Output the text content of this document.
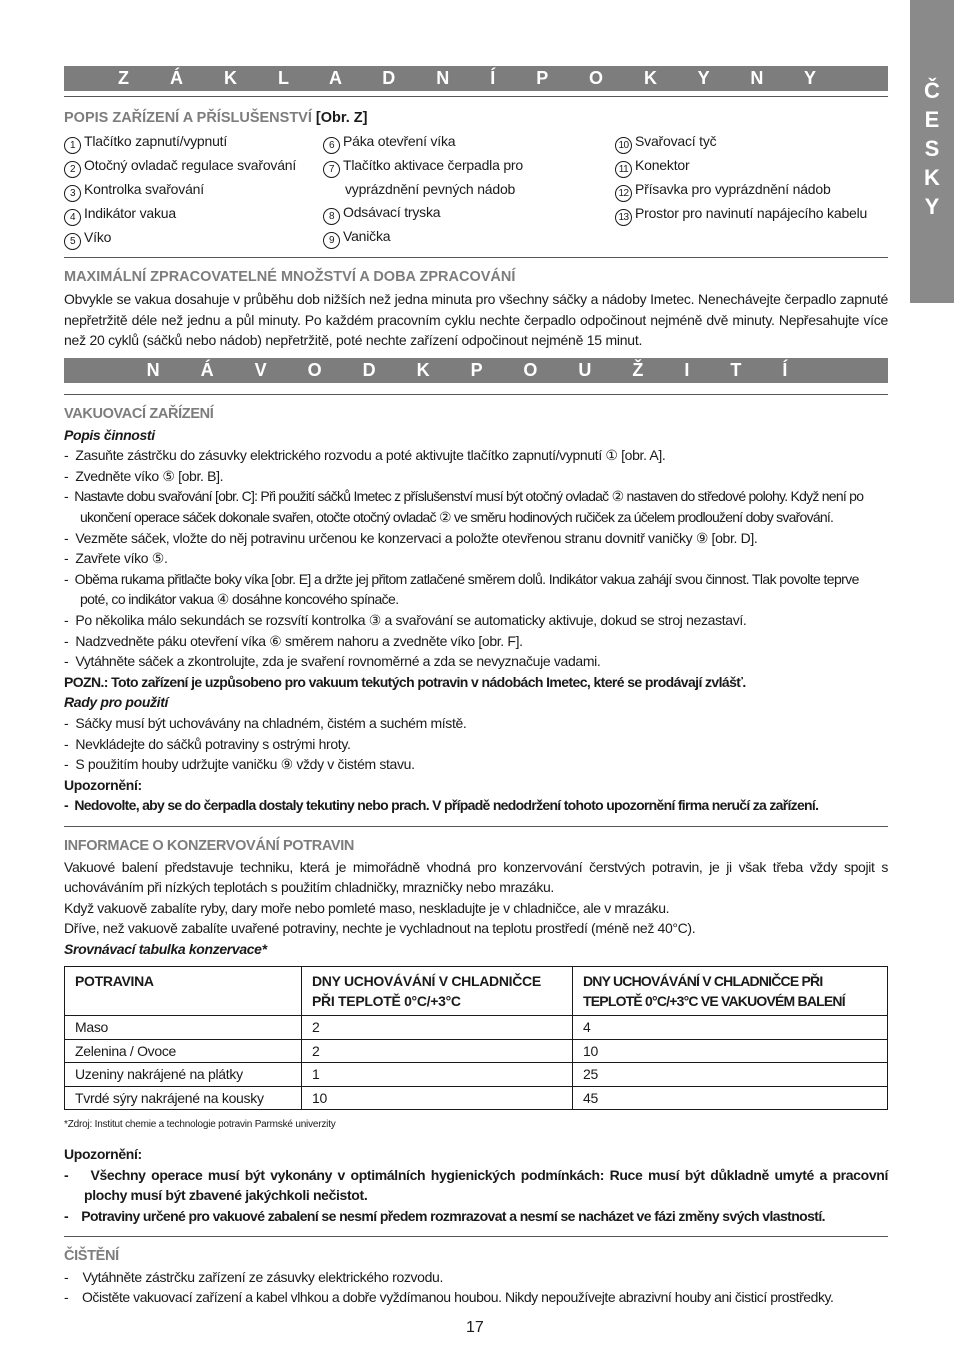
Č
E
S
K
Y
Z Á K L A D N Í P O K Y N Y
POPIS ZAŘÍZENÍ A PŘÍSLUŠENSTVÍ [Obr. Z]
1 Tlačítko zapnutí/vypnutí
2 Otočný ovladač regulace svařování
3 Kontrolka svařování
4 Indikátor vakua
5 Víko
6 Páka otevření víka
7 Tlačítko aktivace čerpadla pro
vyprázdnění pevných nádob
8 Odsávací tryska
9 Vanička
10 Svařovací tyč
11 Konektor
12 Přísavka pro vyprázdnění nádob
13 Prostor pro navinutí napájecího kabelu
MAXIMÁLNÍ ZPRACOVATELNÉ MNOŽSTVÍ A DOBA ZPRACOVÁNÍ
Obvykle se vakua dosahuje v průběhu dob nižších než jedna minuta pro všechny sáčky a nádoby Imetec. Nenechávejte čerpadlo zapnuté nepřetržitě déle než jednu a půl minuty. Po každém pracovním cyklu nechte čerpadlo odpočinout nejméně dvě minuty. Nepřesahujte více než 20 cyklů (sáčků nebo nádob) nepřetržitě, poté nechte zařízení odpočinout nejméně 15 minut.
N Á V O D K P O U Ž I T Í
VAKUOVACÍ ZAŘÍZENÍ
Popis činnosti
-  Zasuňte zástrčku do zásuvky elektrického rozvodu a poté aktivujte tlačítko zapnutí/vypnutí ① [obr. A].
-  Zvedněte víko ⑤ [obr. B].
-  Nastavte dobu svařování [obr. C]: Při použití sáčků Imetec z příslušenství musí být otočný ovladač ② nastaven do středové polohy. Když není po ukončení operace sáček dokonale svařen, otočte otočný ovladač ② ve směru hodinových ručiček za účelem prodloužení doby svařování.
-  Vezměte sáček, vložte do něj potravinu určenou ke konzervaci a položte otevřenou stranu dovnitř vaničky ⑨ [obr. D].
-  Zavřete víko ⑤.
-  Oběma rukama přitlačte boky víka [obr. E] a držte jej přitom zatlačené směrem dolů. Indikátor vakua zahájí svou činnost. Tlak povolte teprve poté, co indikátor vakua ④ dosáhne koncového spínače.
-  Po několika málo sekundách se rozsvítí kontrolka ③ a svařování se automaticky aktivuje, dokud se stroj nezastaví.
-  Nadzvedněte páku otevření víka ⑥ směrem nahoru a zvedněte víko [obr. F].
-  Vytáhněte sáček a zkontrolujte, zda je svaření rovnoměrné a zda se nevyznačuje vadami.
POZN.: Toto zařízení je uzpůsobeno pro vakuum tekutých potravin v nádobách Imetec, které se prodávají zvlášť.
Rady pro použití
-  Sáčky musí být uchovávány na chladném, čistém a suchém místě.
-  Nevkládejte do sáčků potraviny s ostrými hroty.
-  S použitím houby udržujte vaničku ⑨ vždy v čistém stavu.
Upozornění:
-  Nedovolte, aby se do čerpadla dostaly tekutiny nebo prach. V případě nedodržení tohoto upozornění firma neručí za zařízení.
INFORMACE O KONZERVOVÁNÍ POTRAVIN
Vakuové balení představuje techniku, která je mimořádně vhodná pro konzervování čerstvých potravin, je ji však třeba vždy spojit s uchováváním při nízkých teplotách s použitím chladničky, mrazničky nebo mrazáku.
Když vakuově zabalíte ryby, dary moře nebo pomleté maso, neskladujte je v chladničce, ale v mrazáku.
Dříve, než vakuově zabalíte uvařené potraviny, nechte je vychladnout na teplotu prostředí (méně než 40°C).
Srovnávací tabulka konzervace*
POTRAVINA	DNY UCHOVÁVÁNÍ V CHLADNIČCE PŘI TEPLOTĚ 0°C/+3°C	DNY UCHOVÁVÁNÍ V CHLADNIČCE PŘI TEPLOTĚ 0°C/+3°C VE VAKUOVÉM BALENÍ
Maso	2	4
Zelenina / Ovoce	2	10
Uzeniny nakrájené na plátky	1	25
Tvrdé sýry nakrájené na kousky	10	45
*Zdroj: Institut chemie a technologie potravin Parmské univerzity
Upozornění:
-    Všechny operace musí být vykonány v optimálních hygienických podmínkách: Ruce musí být důkladně umyté a pracovní plochy musí být zbavené jakýchkoli nečistot.
-    Potraviny určené pro vakuové zabalení se nesmí předem rozmrazovat a nesmí se nacházet ve fázi změny svých vlastností.
ČIŠTĚNÍ
-    Vytáhněte zástrčku zařízení ze zásuvky elektrického rozvodu.
-    Očistěte vakuovací zařízení a kabel vlhkou a dobře vyždímanou houbou. Nikdy nepoužívejte abrazivní houby ani čisticí prostředky.
17
